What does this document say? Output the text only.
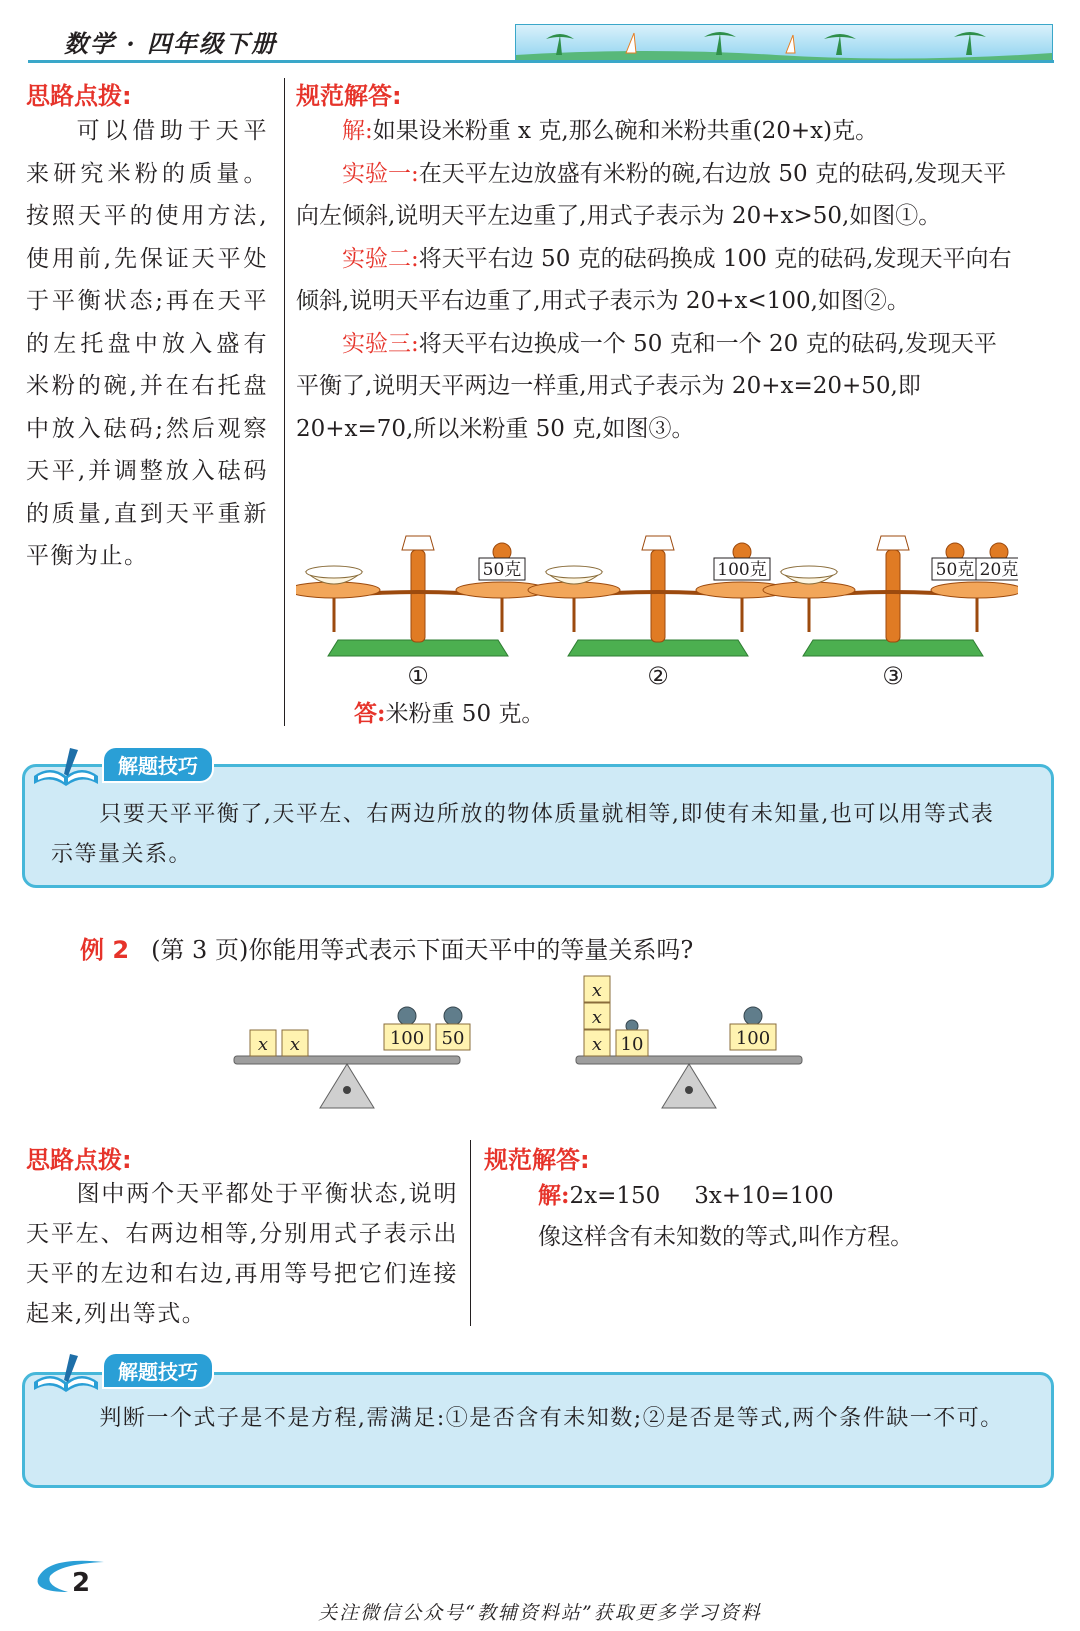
数学 · 四年级下册
思路点拨:
可以借助于天平来研究米粉的质量。按照天平的使用方法,使用前,先保证天平处于平衡状态;再在天平的左托盘中放入盛有米粉的碗,并在右托盘中放入砝码;然后观察天平,并调整放入砝码的质量,直到天平重新平衡为止。
规范解答:

解:如果设米粉重 x 克,那么碗和米粉共重(20+x)克。

实验一:在天平左边放盛有米粉的碗,右边放 50 克的砝码,发现天平向左倾斜,说明天平左边重了,用式子表示为 20+x>50,如图①。

实验二:将天平右边 50 克的砝码换成 100 克的砝码,发现天平向右倾斜,说明天平右边重了,用式子表示为 20+x<100,如图②。

实验三:将天平右边换成一个 50 克和一个 20 克的砝码,发现天平平衡了,说明天平两边一样重,用式子表示为 20+x=20+50,即 20+x=70,所以米粉重 50 克,如图③。

50克
①
100克
②
50克 20克
③
答:米粉重 50 克。
只要天平平衡了,天平左、右两边所放的物体质量就相等,即使有未知量,也可以用等式表示等量关系。
解题技巧
例 2 (第 3 页)你能用等式表示下面天平中的等量关系吗?
x x	100 50	x
x
x
10	100
思路点拨:
图中两个天平都处于平衡状态,说明天平左、右两边相等,分别用式子表示出天平的左边和右边,再用等号把它们连接起来,列出等式。
规范解答:
解:2x=150 3x+10=100
像这样含有未知数的等式,叫作方程。
判断一个式子是不是方程,需满足:①是否含有未知数;②是否是等式,两个条件缺一不可。
解题技巧
2
关注微信公众号“教辅资料站”获取更多学习资料
